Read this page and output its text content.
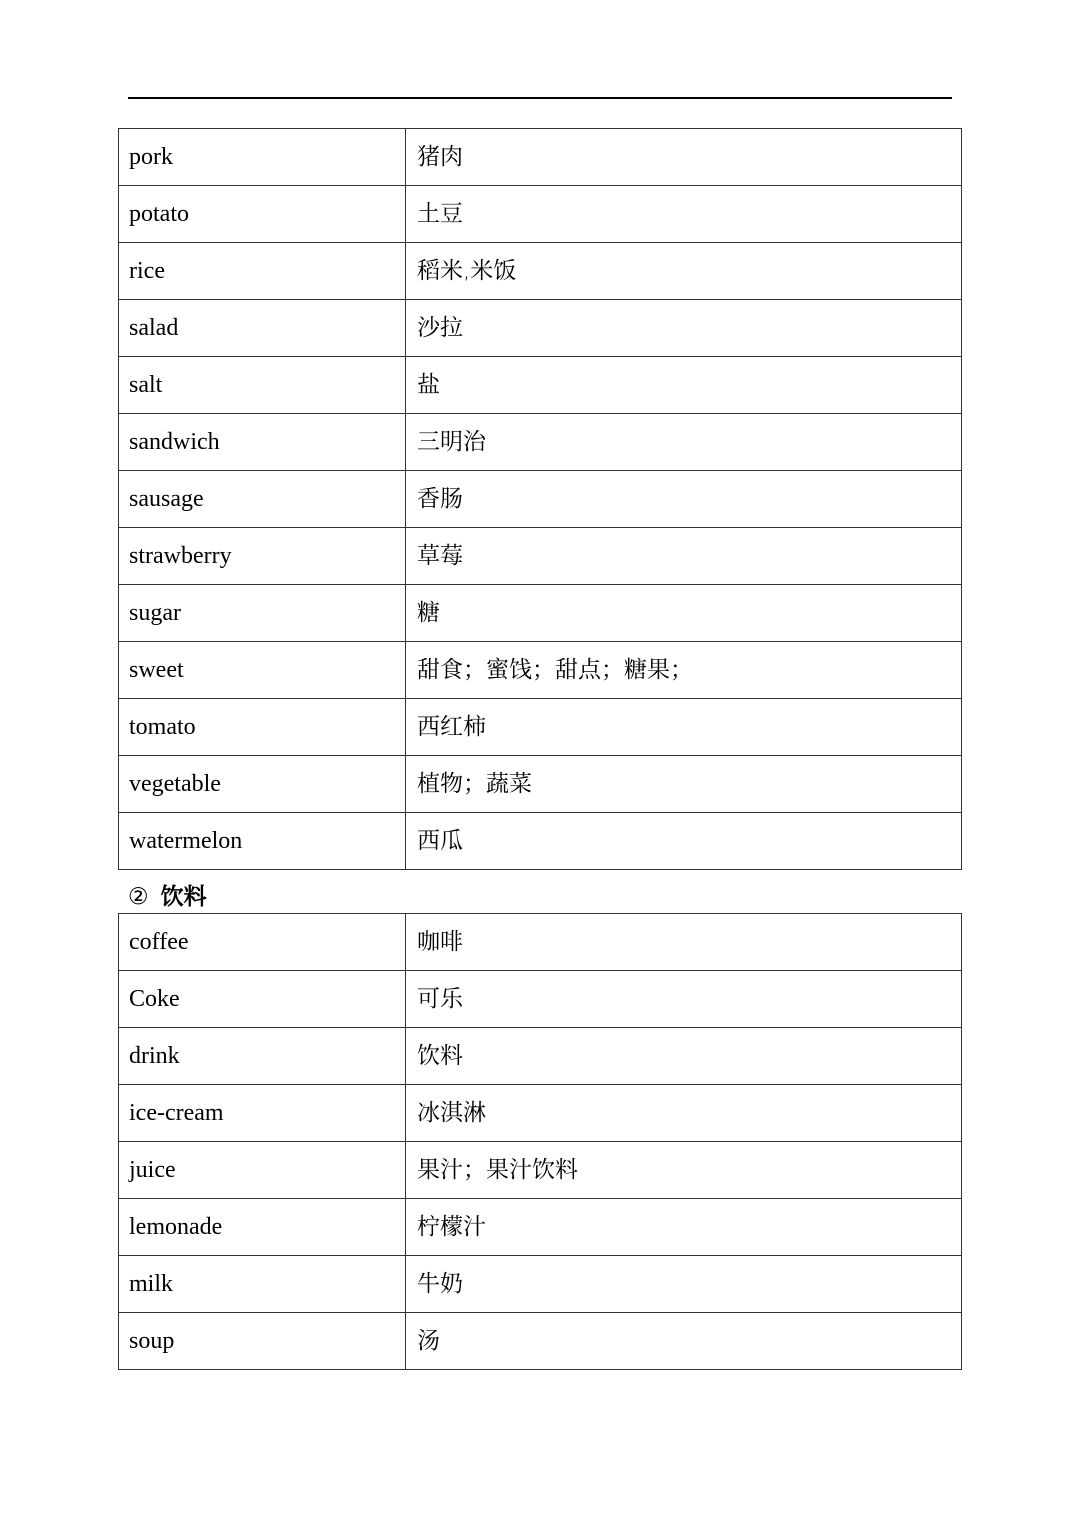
pork	猪肉
potato	土豆
rice	稻米,米饭
salad	沙拉
salt	盐
sandwich	三明治
sausage	香肠
strawberry	草莓
sugar	糖
sweet	甜食；蜜饯；甜点；糖果；
tomato	西红柿
vegetable	植物；蔬菜
watermelon	西瓜
② 饮料
coffee	咖啡
Coke	可乐
drink	饮料
ice-cream	冰淇淋
juice	果汁；果汁饮料
lemonade	柠檬汁
milk	牛奶
soup	汤
